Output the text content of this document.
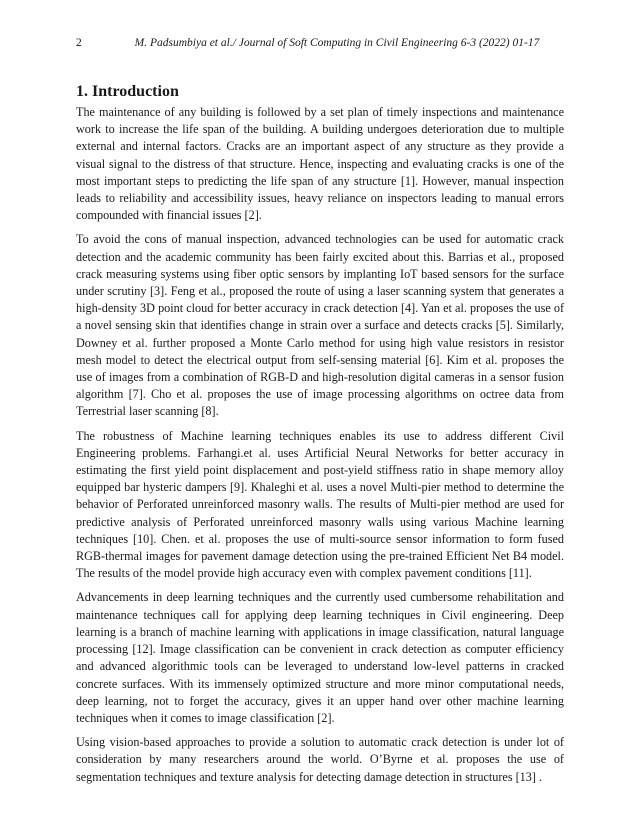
2	M. Padsumbiya et al./ Journal of Soft Computing in Civil Engineering 6-3 (2022) 01-17
1. Introduction

The maintenance of any building is followed by a set plan of timely inspections and maintenance work to increase the life span of the building. A building undergoes deterioration due to multiple external and internal factors. Cracks are an important aspect of any structure as they provide a visual signal to the distress of that structure. Hence, inspecting and evaluating cracks is one of the most important steps to predicting the life span of any structure [1]. However, manual inspection leads to reliability and accessibility issues, heavy reliance on inspectors leading to manual errors compounded with financial issues [2].

To avoid the cons of manual inspection, advanced technologies can be used for automatic crack detection and the academic community has been fairly excited about this. Barrias et al., proposed crack measuring systems using fiber optic sensors by implanting IoT based sensors for the surface under scrutiny [3]. Feng et al., proposed the route of using a laser scanning system that generates a high-density 3D point cloud for better accuracy in crack detection [4]. Yan et al. proposes the use of a novel sensing skin that identifies change in strain over a surface and detects cracks [5]. Similarly, Downey et al. further proposed a Monte Carlo method for using high value resistors in resistor mesh model to detect the electrical output from self-sensing material [6]. Kim et al. proposes the use of images from a combination of RGB-D and high-resolution digital cameras in a sensor fusion algorithm [7]. Cho et al. proposes the use of image processing algorithms on octree data from Terrestrial laser scanning [8].

The robustness of Machine learning techniques enables its use to address different Civil Engineering problems. Farhangi.et al. uses Artificial Neural Networks for better accuracy in estimating the first yield point displacement and post-yield stiffness ratio in shape memory alloy equipped bar hysteric dampers [9]. Khaleghi et al. uses a novel Multi-pier method to determine the behavior of Perforated unreinforced masonry walls. The results of Multi-pier method are used for predictive analysis of Perforated unreinforced masonry walls using various Machine learning techniques [10]. Chen. et al. proposes the use of multi-source sensor information to form fused RGB-thermal images for pavement damage detection using the pre-trained Efficient Net B4 model. The results of the model provide high accuracy even with complex pavement conditions [11].

Advancements in deep learning techniques and the currently used cumbersome rehabilitation and maintenance techniques call for applying deep learning techniques in Civil engineering. Deep learning is a branch of machine learning with applications in image classification, natural language processing [12]. Image classification can be convenient in crack detection as computer efficiency and advanced algorithmic tools can be leveraged to understand low-level patterns in cracked concrete surfaces. With its immensely optimized structure and more minor computational needs, deep learning, not to forget the accuracy, gives it an upper hand over other machine learning techniques when it comes to image classification [2].

Using vision-based approaches to provide a solution to automatic crack detection is under lot of consideration by many researchers around the world. O’Byrne et al. proposes the use of segmentation techniques and texture analysis for detecting damage detection in structures [13] .
